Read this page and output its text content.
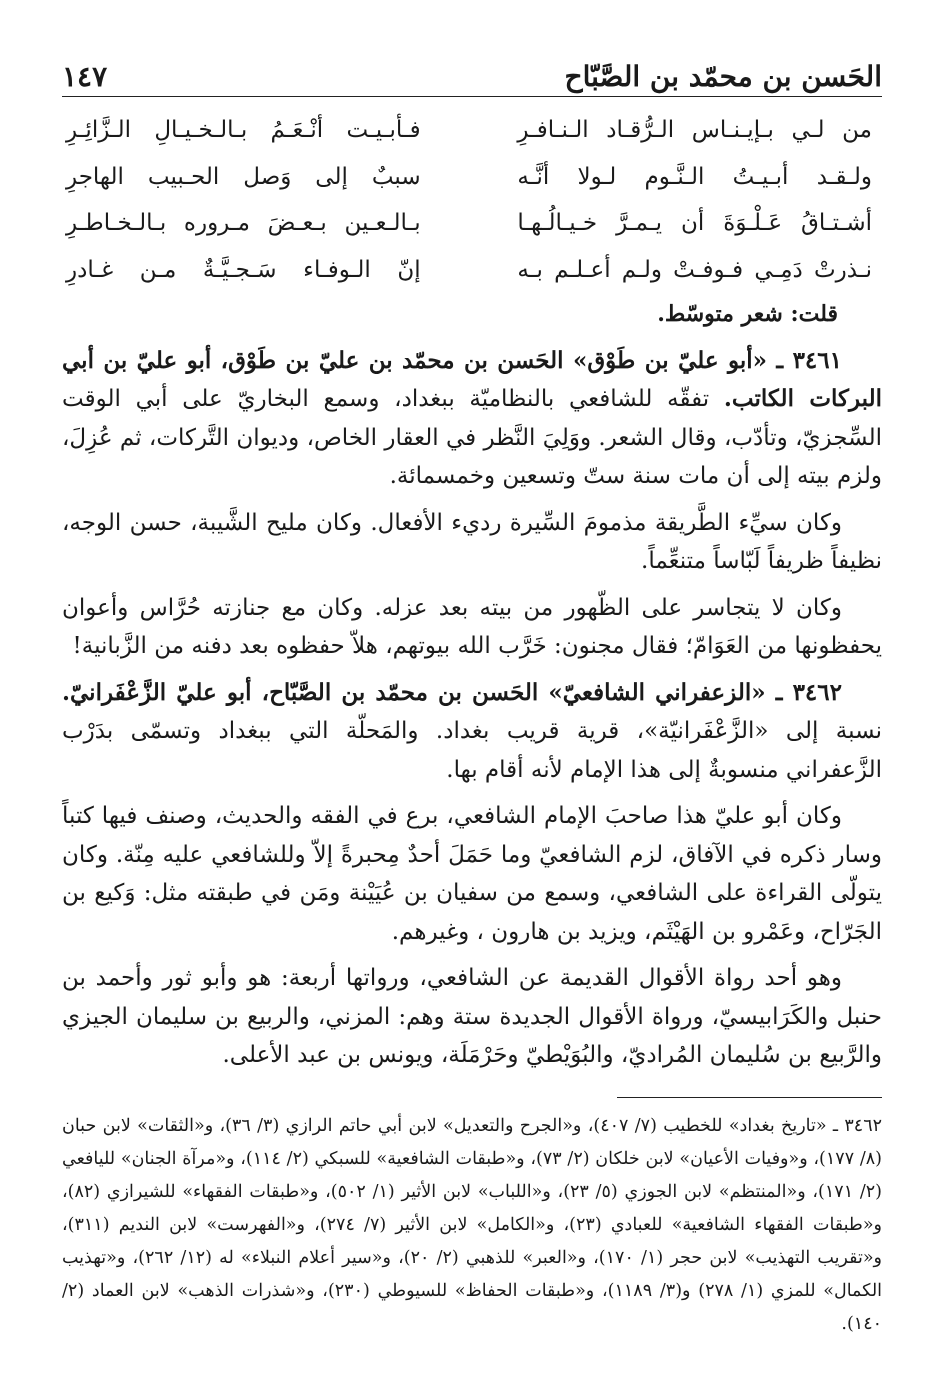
الحَسن بن محمّد بن الصَّبّاح
١٤٧
من لـي بـإيـنـاس الـرُّقـاد الـنـافـرِ
فـأبـيـت أنْـعَـمُ بـالـخـيـالِ الـزَّائِـرِ
ولـقـد أبـيـتُ الـنَّـوم لـولا أنَّـه
سببٌ إلى وَصل الحـبيب الهاجرِ
أشـتـاقُ عَـلْـوَةَ أن يـمـرَّ خـيـالُـهـا
بـالـعـين بـعـضَ مـروره بـالـخـاطـرِ
نـذرتْ دَمِـي فـوفـتْ ولـم أعـلـم بـه
إنّ الـوفـاء سَـجـيَّـةٌ مـن غـادرِ
قلت: شعر متوسّط.
٣٤٦١ ـ «أبو عليّ بن طَوْق» الحَسن بن محمّد بن عليّ بن طَوْق، أبو عليّ بن أبي البركات الكاتب. تفقّه للشافعي بالنظاميّة ببغداد، وسمع البخاريّ على أبي الوقت السِّجزيّ، وتأدّب، وقال الشعر. ووَلِيَ النَّظر في العقار الخاص، وديوان التَّركات، ثم عُزِلَ، ولزم بيته إلى أن مات سنة ستّ وتسعين وخمسمائة.
وكان سيِّء الطَّريقة مذمومَ السِّيرة رديء الأفعال. وكان مليح الشَّيبة، حسن الوجه، نظيفاً ظريفاً لَبّاساً متنعِّماً.
وكان لا يتجاسر على الظّهور من بيته بعد عزله. وكان مع جنازته حُرَّاس وأعوان يحفظونها من العَوَامّ؛ فقال مجنون: خَرَّب الله بيوتهم، هلاّ حفظوه بعد دفنه من الزَّبانية!
٣٤٦٢ ـ «الزعفراني الشافعيّ» الحَسن بن محمّد بن الصَّبّاح، أبو عليّ الزَّعْفَرانيّ. نسبة إلى «الزَّعْفَرانيّة»، قرية قريب بغداد. والمَحلّة التي ببغداد وتسمّى بدَرْب الزَّعفراني منسوبةٌ إلى هذا الإمام لأنه أقام بها.
وكان أبو عليّ هذا صاحبَ الإمام الشافعي، برع في الفقه والحديث، وصنف فيها كتباً وسار ذكره في الآفاق، لزم الشافعيّ وما حَمَلَ أحدٌ مِحبرةً إلاّ وللشافعي عليه مِنّة. وكان يتولّى القراءة على الشافعي، وسمع من سفيان بن عُيَيْنة ومَن في طبقته مثل: وَكيع بن الجَرّاح، وعَمْرو بن الهَيْثَم، ويزيد بن هارون ، وغيرهم.
وهو أحد رواة الأقوال القديمة عن الشافعي، ورواتها أربعة: هو وأبو ثور وأحمد بن حنبل والكَرَابيسيّ، ورواة الأقوال الجديدة ستة وهم: المزني، والربيع بن سليمان الجيزي والرَّبيع بن سُليمان المُراديّ، والبُوَيْطيّ وحَرْمَلَة، ويونس بن عبد الأعلى.
٣٤٦٢ ـ «تاريخ بغداد» للخطيب (٧/ ٤٠٧)، و«الجرح والتعديل» لابن أبي حاتم الرازي (٣/ ٣٦)، و«الثقات» لابن حبان (٨/ ١٧٧)، و«وفيات الأعيان» لابن خلكان (٢/ ٧٣)، و«طبقات الشافعية» للسبكي (٢/ ١١٤)، و«مرآة الجنان» لليافعي (٢/ ١٧١)، و«المنتظم» لابن الجوزي (٥/ ٢٣)، و«اللباب» لابن الأثير (١/ ٥٠٢)، و«طبقات الفقهاء» للشيرازي (٨٢)، و«طبقات الفقهاء الشافعية» للعبادي (٢٣)، و«الكامل» لابن الأثير (٧/ ٢٧٤)، و«الفهرست» لابن النديم (٣١١)، و«تقريب التهذيب» لابن حجر (١/ ١٧٠)، و«العبر» للذهبي (٢/ ٢٠)، و«سير أعلام النبلاء» له (١٢/ ٢٦٢)، و«تهذيب الكمال» للمزي (١/ ٢٧٨) و(٣/ ١١٨٩)، و«طبقات الحفاظ» للسيوطي (٢٣٠)، و«شذرات الذهب» لابن العماد (٢/ ١٤٠).
